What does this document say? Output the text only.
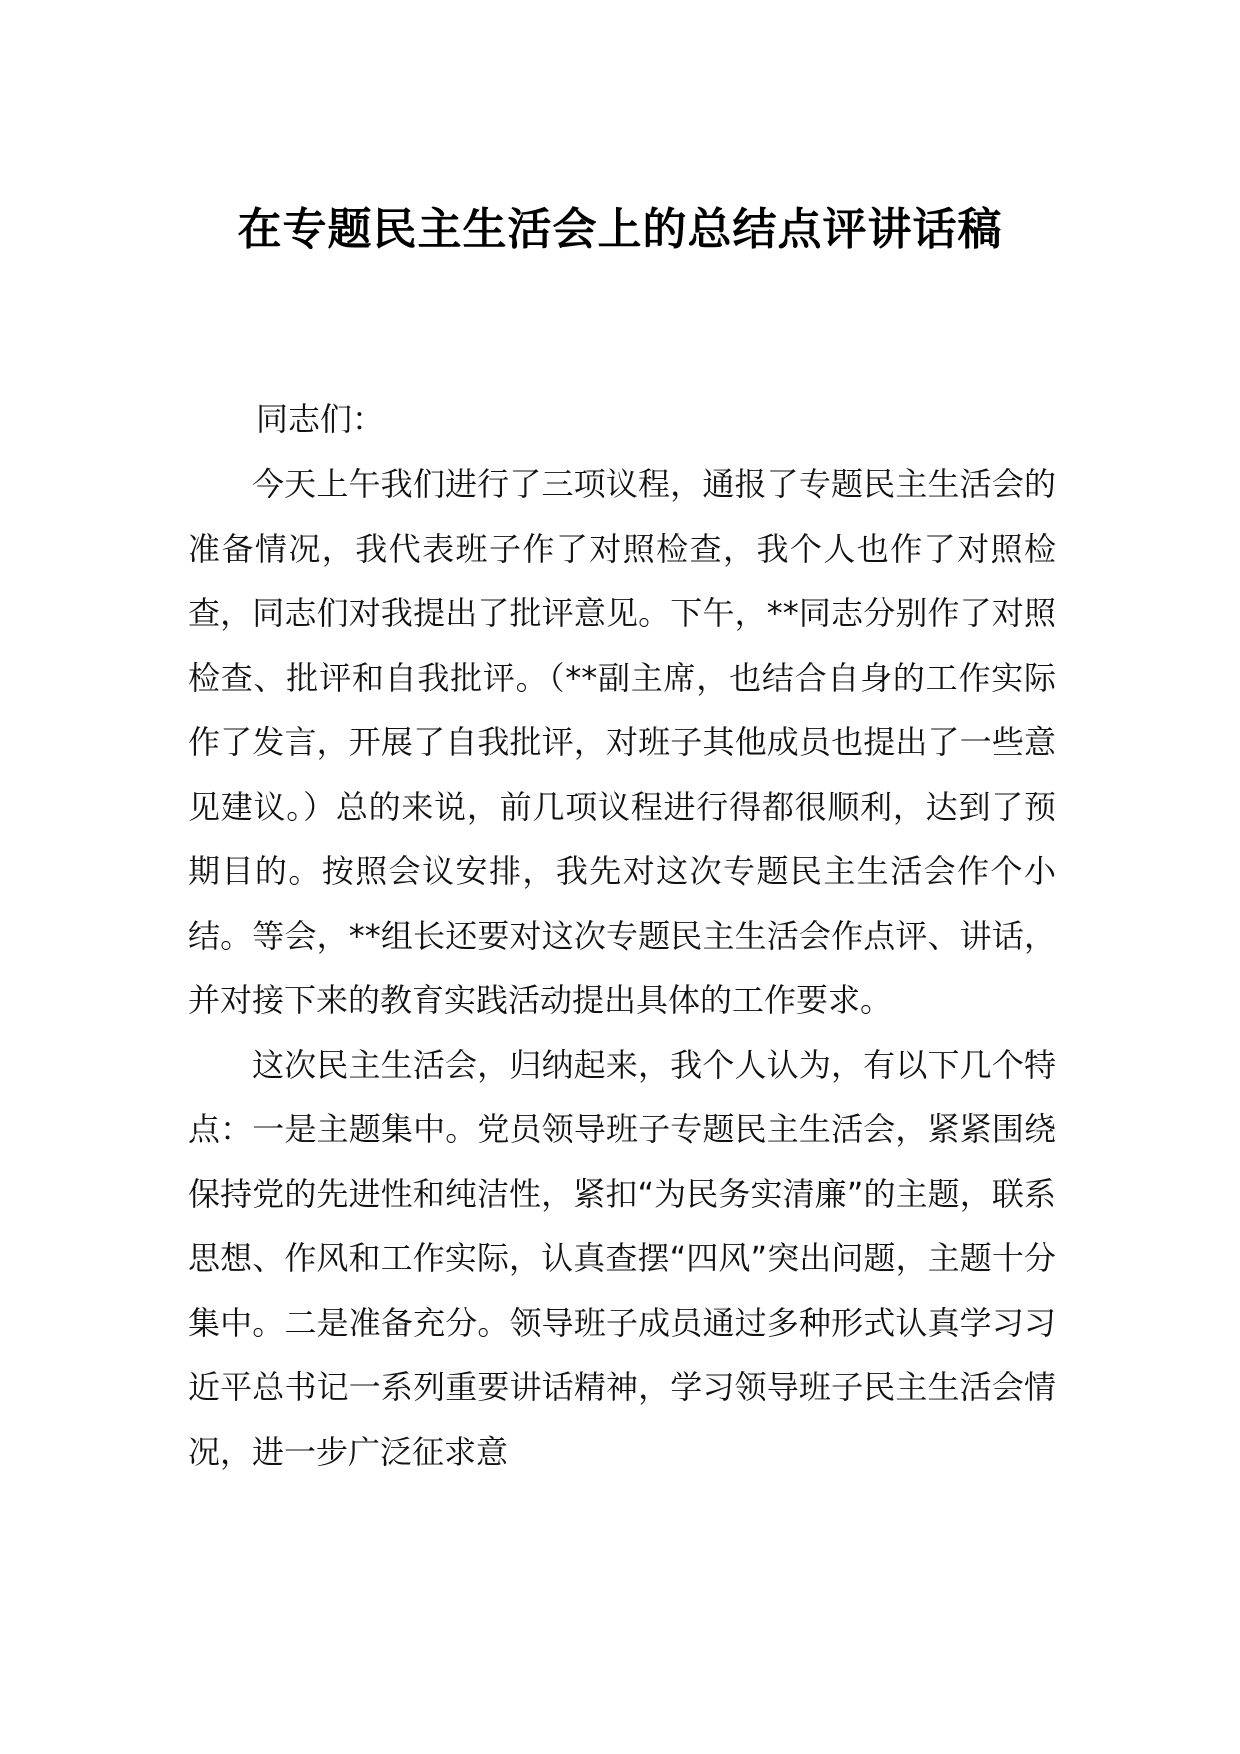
在专题民主生活会上的总结点评讲话稿

同志们：

今天上午我们进行了三项议程，通报了专题民主生活会的准备情况，我代表班子作了对照检查，我个人也作了对照检查，同志们对我提出了批评意见。下午，**同志分别作了对照检查、批评和自我批评。（**副主席，也结合自身的工作实际作了发言，开展了自我批评，对班子其他成员也提出了一些意见建议。）总的来说，前几项议程进行得都很顺利，达到了预期目的。按照会议安排，我先对这次专题民主生活会作个小结。等会，**组长还要对这次专题民主生活会作点评、讲话，并对接下来的教育实践活动提出具体的工作要求。

这次民主生活会，归纳起来，我个人认为，有以下几个特点：一是主题集中。党员领导班子专题民主生活会，紧紧围绕保持党的先进性和纯洁性，紧扣“为民务实清廉”的主题，联系思想、作风和工作实际，认真查摆“四风”突出问题，主题十分集中。二是准备充分。领导班子成员通过多种形式认真学习习近平总书记一系列重要讲话精神，学习领导班子民主生活会情况，进一步广泛征求意
